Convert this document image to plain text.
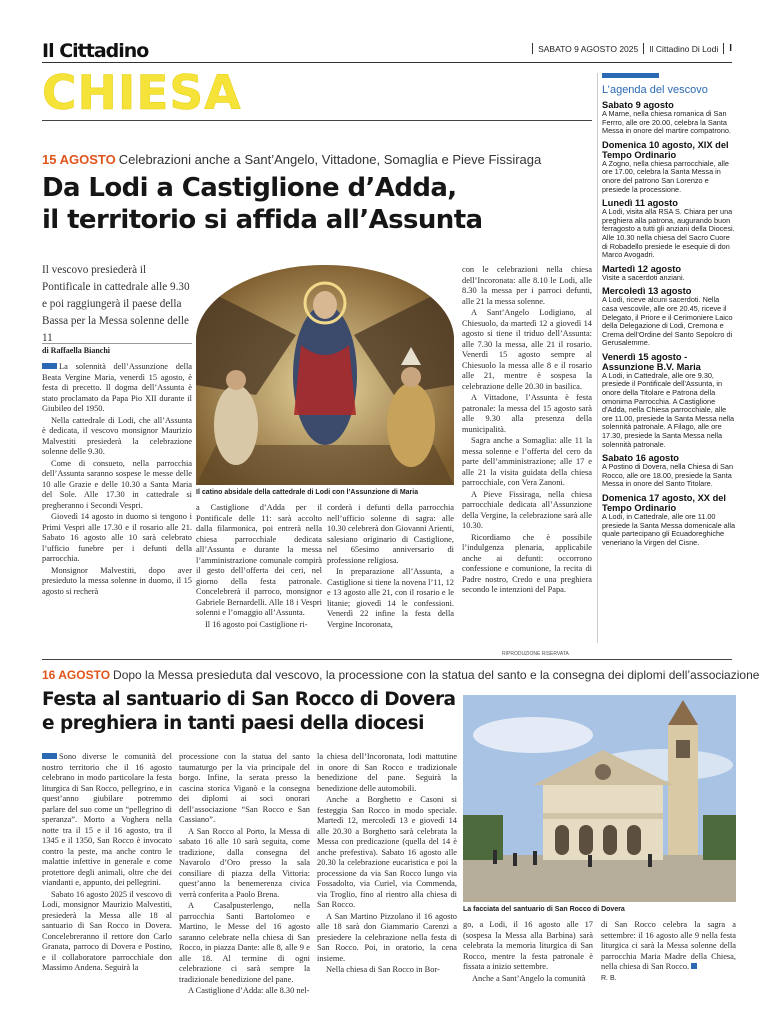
Il Cittadino	SABATO 9 AGOSTO 2025 Il Cittadino Di Lodi I
CHIESA
15 AGOSTO Celebrazioni anche a Sant’Angelo, Vittadone, Somaglia e Pieve Fissiraga
Da Lodi a Castiglione d’Adda,
il territorio si affida all’Assunta
Il vescovo presiederà il Pontificale in cattedrale alle 9.30 e poi raggiungerà il paese della Bassa per la Messa solenne delle 11
di Raffaella Bianchi

La solennità dell’Assunzione della Beata Vergine Maria, venerdì 15 agosto, è festa di precetto. Il dogma dell’Assunta è stato proclamato da Papa Pio XII durante il Giubileo del 1950.

Nella cattedrale di Lodi, che all’Assunta è dedicata, il vescovo monsignor Maurizio Malvestiti presiederà la celebrazione solenne delle 9.30.

Come di consueto, nella parrocchia dell’Assunta saranno sospese le messe delle 10 alle Grazie e delle 10.30 a Santa Maria del Sole. Alle 17.30 in cattedrale si pregheranno i Secondi Vespri.

Giovedì 14 agosto in duomo si tengono i Primi Vespri alle 17.30 e il rosario alle 21. Sabato 16 agosto alle 10 sarà celebrato l’ufficio funebre per i defunti della parrocchia.

Monsignor Malvestiti, dopo aver presieduto la messa solenne in duomo, il 15 agosto si recherà

Il catino absidale della cattedrale di Lodi con l’Assunzione di Maria

a Castiglione d’Adda per il Pontificale delle 11: sarà accolto dalla filarmonica, poi entrerà nella chiesa parrocchiale dedicata all’Assunta e durante la messa l’amministrazione comunale compirà il gesto dell’offerta dei ceri, nel giorno della festa patronale. Concelebrerà il parroco, monsignor Gabriele Bernardelli. Alle 18 i Vespri solenni e l’omaggio all’Assunta.

Il 16 agosto poi Castiglione ri-

corderà i defunti della parrocchia nell’ufficio solenne di sagra: alle 10.30 celebrerà don Giovanni Arienti, salesiano originario di Castiglione, nel 65esimo anniversario di professione religiosa.

In preparazione all’Assunta, a Castiglione si tiene la novena l’11, 12 e 13 agosto alle 21, con il rosario e le litanie; giovedì 14 le confessioni. Venerdì 22 infine la festa della Vergine Incoronata,

con le celebrazioni nella chiesa dell’Incoronata: alle 8.10 le Lodi, alle 8.30 la messa per i parroci defunti, alle 21 la messa solenne.

A Sant’Angelo Lodigiano, al Chiesuolo, da martedì 12 a giovedì 14 agosto si tiene il triduo dell’Assunta: alle 7.30 la messa, alle 21 il rosario. Venerdì 15 agosto sempre al Chiesuolo la messa alle 8 e il rosario alle 21, mentre è sospesa la celebrazione delle 20.30 in basilica.

A Vittadone, l’Assunta è festa patronale: la messa del 15 agosto sarà alle 9.30 alla presenza della municipalità.

Sagra anche a Somaglia: alle 11 la messa solenne e l’offerta del cero da parte dell’amministrazione; alle 17 e alle 21 la visita guidata della chiesa parrocchiale, con Vera Zanoni.

A Pieve Fissiraga, nella chiesa parrocchiale dedicata all’Assunzione della Vergine, la celebrazione sarà alle 10.30.

Ricordiamo che è possibile l’indulgenza plenaria, applicabile anche ai defunti: occorrono confessione e comunione, la recita di Padre nostro, Credo e una preghiera secondo le intenzioni del Papa.

RIPRODUZIONE RISERVATA
L’agenda del vescovo
Sabato 9 agosto
A Marne, nella chiesa romanica di San Ferrro, alle ore 20.00, celebra la Santa Messa in onore del martire compatrono.
Domenica 10 agosto, XIX del Tempo Ordinario
A Zogno, nella chiesa parrocchiale, alle ore 17.00, celebra la Santa Messa in onore del patrono San Lorenzo e presiede la processione.
Lunedì 11 agosto
A Lodi, visita alla RSA S. Chiara per una preghiera alla patrona, augurando buon ferragosto a tutti gli anziani della Diocesi. Alle 10.30 nella chiesa del Sacro Cuore di Robadello presiede le esequie di don Marco Avogadri.
Martedì 12 agosto
Visite a sacerdoti anziani.
Mercoledì 13 agosto
A Lodi, riceve alcuni sacerdoti. Nella casa vescovile, alle ore 20.45, riceve il Delegato, il Priore e il Cerimoniere Laico della Delegazione di Lodi, Cremona e Crema dell’Ordine del Santo Sepolcro di Gerusalemme.
Venerdì 15 agosto - Assunzione B.V. Maria
A Lodi, in Cattedrale, alle ore 9.30, presiede il Pontificale dell’Assunta, in onore della Titolare e Patrona della omonima Parrocchia. A Castiglione d’Adda, nella Chiesa parrocchiale, alle ore 11.00, presiede la Santa Messa nella solennità patronale. A Filago, alle ore 17.30, presiede la Santa Messa nella solennità patronale.
Sabato 16 agosto
A Postino di Dovera, nella Chiesa di San Rocco, alle ore 18.00, presiede la Santa Messa in onore del Santo Titolare.
Domenica 17 agosto, XX del Tempo Ordinario
A Lodi, in Cattedrale, alle ore 11.00 presiede la Santa Messa domenicale alla quale partecipano gli Ecuadoreghiche veneriano la Virgen del Cisne.
16 AGOSTO Dopo la Messa presieduta dal vescovo, la processione con la statua del santo e la consegna dei diplomi dell’associazione
Festa al santuario di San Rocco di Dovera
e preghiera in tanti paesi della diocesi

Sono diverse le comunità del nostro territorio che il 16 agosto celebrano in modo particolare la festa liturgica di San Rocco, pellegrino, e in quest’anno giubilare potremmo parlare del suo come un “pellegrino di speranza”. Morto a Voghera nella notte tra il 15 e il 16 agosto, tra il 1345 e il 1350, San Rocco è invocato contro la peste, ma anche contro le malattie infettive in generale e come protettore degli animali, oltre che dei viandanti e, appunto, dei pellegrini.

Sabato 16 agosto 2025 il vescovo di Lodi, monsignor Maurizio Malvestiti, presiederà la Messa alle 18 al santuario di San Rocco in Dovera. Concelebreranno il rettore don Carlo Granata, parroco di Dovera e Postino, e il collaboratore parrocchiale don Massimo Andena. Seguirà la

processione con la statua del santo taumaturgo per la via principale del borgo. Infine, la serata presso la cascina storica Viganò e la consegna dei diplomi ai soci onorari dell’associazione “San Rocco e San Cassiano”.

A San Rocco al Porto, la Messa di sabato 16 alle 10 sarà seguita, come tradizione, dalla consegna del Navarolo d’Oro presso la sala consiliare di piazza della Vittoria: quest’anno la benemerenza civica verrà conferita a Paolo Brena.

A Casalpusterlengo, nella parrocchia Santi Bartolomeo e Martino, le Messe del 16 agosto saranno celebrate nella chiesa di San Rocco, in piazza Dante: alle 8, alle 9 e alle 18. Al termine di ogni celebrazione ci sarà sempre la tradizionale benedizione del pane.

A Castiglione d’Adda: alle 8.30 nel-

la chiesa dell’Incoronata, lodi mattutine in onore di San Rocco e tradizionale benedizione del pane. Seguirà la benedizione delle automobili.

Anche a Borghetto e Casoni si festeggia San Rocco in modo speciale. Martedì 12, mercoledì 13 e giovedì 14 alle 20.30 a Borghetto sarà celebrata la Messa con predicazione (quella del 14 è anche prefestiva). Sabato 16 agosto alle 20.30 la celebrazione eucaristica e poi la processione da via San Rocco lungo via Fossadolto, via Curiel, via Commenda, via Troglio, fino al rientro alla chiesa di San Rocco.

A San Martino Pizzolano il 16 agosto alle 18 sarà don Giammario Carenzi a presiedere la celebrazione nella festa di San Rocco. Poi, in oratorio, la cena insieme.

Nella chiesa di San Rocco in Bor-

La facciata del santuario di San Rocco di Dovera

go, a Lodi, il 16 agosto alle 17 (sospesa la Messa alla Barbina) sarà celebrata la memoria liturgica di San Rocco, mentre la festa patronale è fissata a inizio settembre.

Anche a Sant’Angelo la comunità

di San Rocco celebra la sagra a settembre: il 16 agosto alle 9 nella festa liturgica ci sarà la Messa solenne della parrocchia Maria Madre della Chiesa, nella chiesa di San Rocco.

R. B.
